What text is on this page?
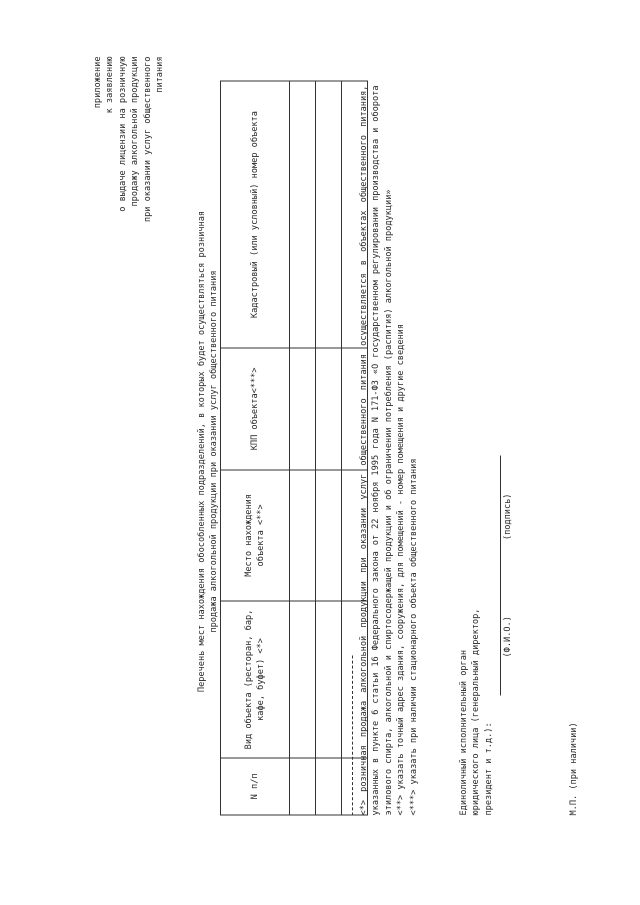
приложение к заявлению о выдаче лицензии на розничную продажу алкогольной продукции при оказании услуг общественного питания
Перечень мест нахождения обособленных подразделений, в которых будет осуществляться розничная продажа алкогольной продукции при оказании услуг общественного питания
N п/п	Вид объекта (ресторан, бар, кафе, буфет) <*>	Место нахождения объекта <**>	КПП объекта<***>	Кадастровый (или условный) номер объекта

					<*> розничная продажа алкогольной продукции при оказании услуг общественного питания осуществляется в объектах общественного питания, указанных в пункте 6 статьи 16 Федерального закона от 22 ноября 1995 года N 171-ФЗ «О государственном регулировании производства и оборота этилового спирта, алкогольной и спиртосодержащей продукции и об ограничении потребления (распития) алкогольной продукции» <**> указать точный адрес здания, сооружения, для помещений - номер помещения и другие сведения <***> указать при наличии стационарного объекта общественного питания	Единоличный исполнительный орган юридического лица (генеральный директор, президент и т.д.):
(Ф.И.О.)
(подпись)
М.П. (при наличии)
